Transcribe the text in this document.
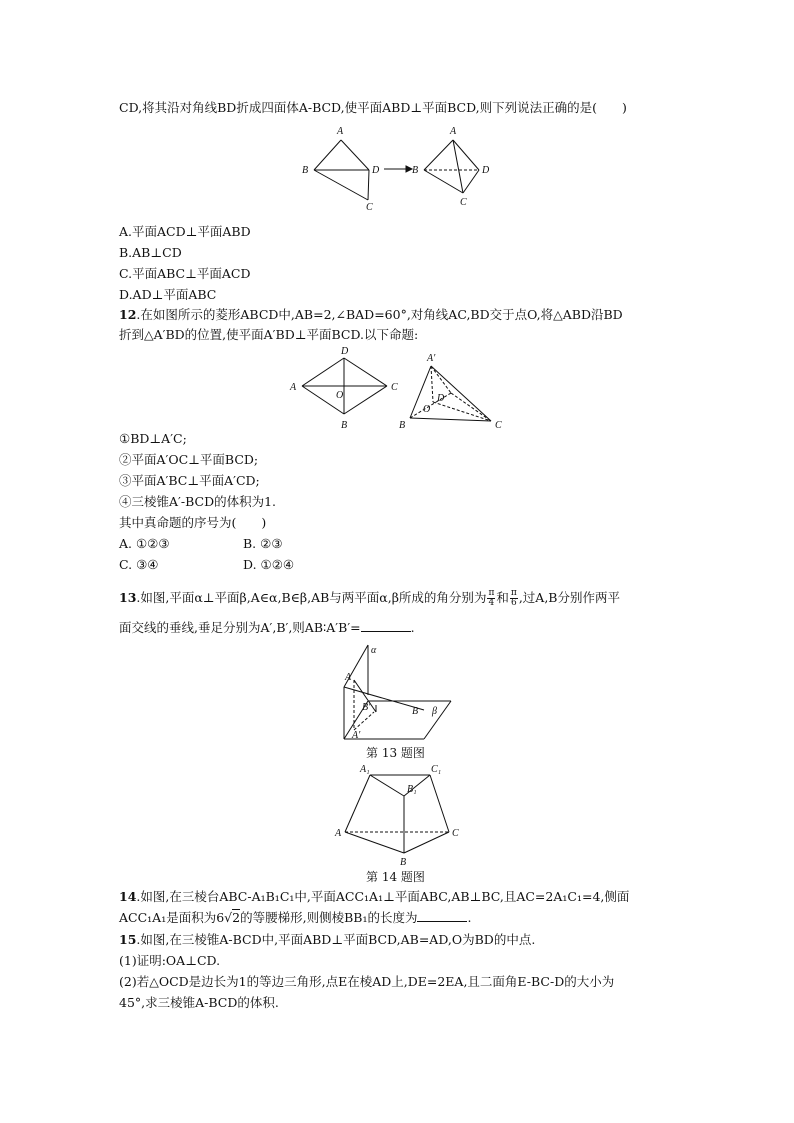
CD,将其沿对角线BD折成四面体A-BCD,使平面ABD⊥平面BCD,则下列说法正确的是(　　)
A
B	D
C
A
B	D
C
D
A
O
C
B
A′
D
O
B	C
α
A
B′	B β
A′
A₁	C₁
B₁
A	C
B
A.平面ACD⊥平面ABD
B.AB⊥CD
C.平面ABC⊥平面ACD
D.AD⊥平面ABC
12.在如图所示的菱形ABCD中,AB=2,∠BAD=60°,对角线AC,BD交于点O,将△ABD沿BD
折到△A′BD的位置,使平面A′BD⊥平面BCD.以下命题:
①BD⊥A′C;
②平面A′OC⊥平面BCD;
③平面A′BC⊥平面A′CD;
④三棱锥A′-BCD的体积为1.
其中真命题的序号为(　　)
A. ①②③	B. ②③
C. ③④	D. ①②④
13.如图,平面α⊥平面β,A∈α,B∈β,AB与两平面α,β所成的角分别为 $\frac{\pi}{4}$ 和 $\frac{\pi}{6}$ ,过A,B分别作两平
面交线的垂线,垂足分别为A′,B′,则AB∶A′B′=	.
第 13 题图
第 14 题图
14.如图,在三棱台ABC-A₁B₁C₁中,平面ACC₁A₁⊥平面ABC,AB⊥BC,且AC=2A₁C₁=4,侧面
ACC₁A₁是面积为6√2的等腰梯形,则侧棱BB₁的长度为	.
15.如图,在三棱锥A-BCD中,平面ABD⊥平面BCD,AB=AD,O为BD的中点.
(1)证明:OA⊥CD.
(2)若△OCD是边长为1的等边三角形,点E在棱AD上,DE=2EA,且二面角E-BC-D的大小为
45°,求三棱锥A-BCD的体积.
